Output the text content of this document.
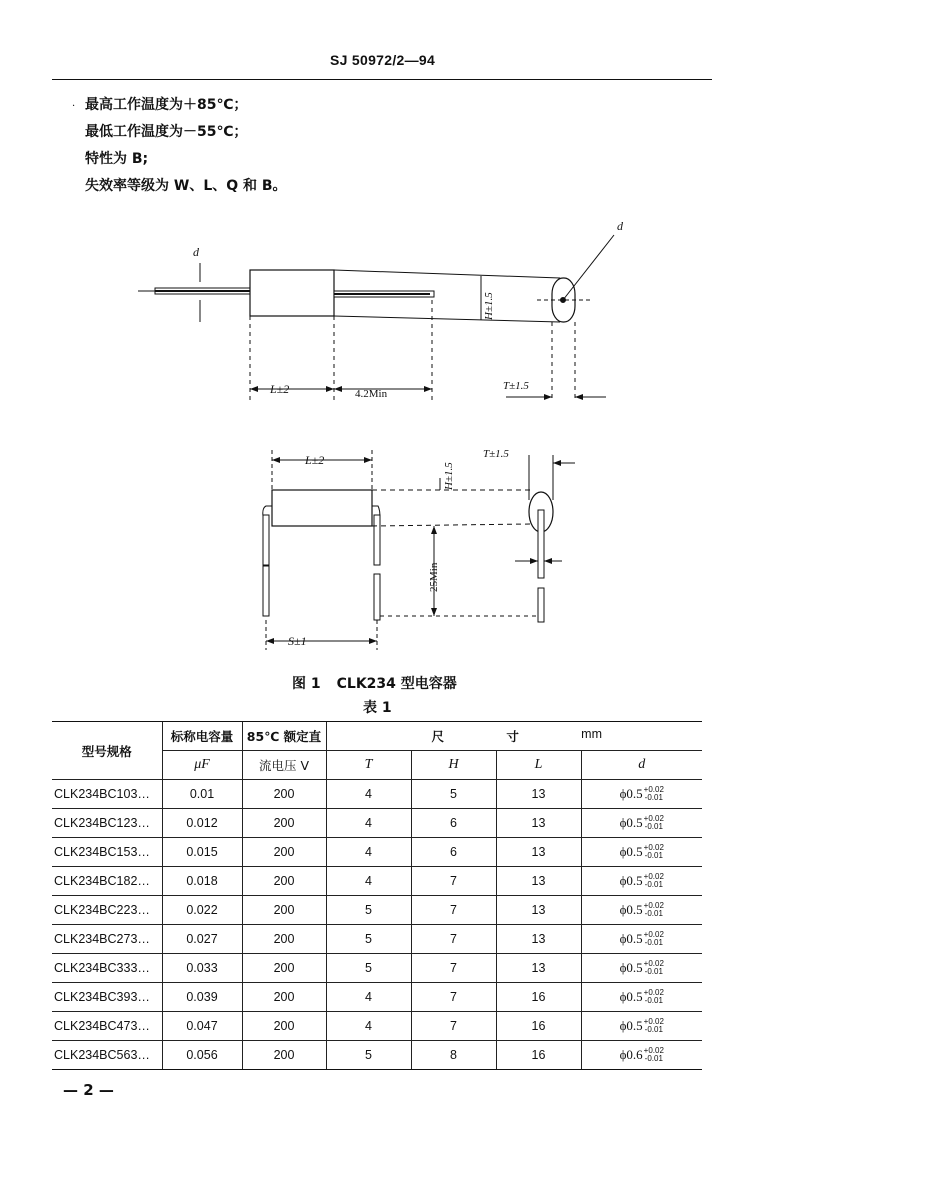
SJ 50972/2—94
· 最高工作温度为＋85℃；
最低工作温度为－55℃；
特性为 B;
失效率等级为 W、L、Q 和 B。
d
d
L±2	4.2Min
T±1.5
H±1.5
L±2
S±1
T±1.5
H±1.5
25Min
图 1 CLK234 型电容器
表 1
型号规格	标称电容量	85℃ 额定直	尺 寸 mm			

	μF	流电压 V	T	H	L	d
CLK234BC103…	0.01	200	4	5	13	ϕ0.5 +0.02
-0.01

CLK234BC123…	0.012	200	4	6	13	ϕ0.5 +0.02
-0.01

CLK234BC153…	0.015	200	4	6	13	ϕ0.5 +0.02
-0.01

CLK234BC182…	0.018	200	4	7	13	ϕ0.5 +0.02
-0.01

CLK234BC223…	0.022	200	5	7	13	ϕ0.5 +0.02
-0.01

CLK234BC273…	0.027	200	5	7	13	ϕ0.5 +0.02
-0.01

CLK234BC333…	0.033	200	5	7	13	ϕ0.5 +0.02
-0.01

CLK234BC393…	0.039	200	4	7	16	ϕ0.5 +0.02
-0.01

CLK234BC473…	0.047	200	4	7	16	ϕ0.5 +0.02
-0.01

CLK234BC563…	0.056	200	5	8	16	ϕ0.6 +0.02
-0.01
— 2 —
